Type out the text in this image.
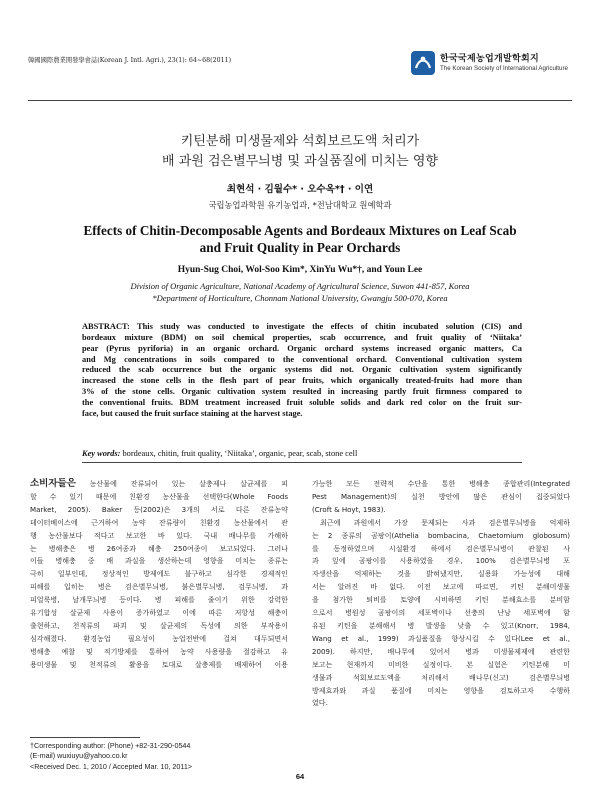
韓國國際農業開發學會誌(Korean J. Intl. Agri.), 23(1): 64~68(2011)	한국국제농업개발학회지
The Korean Society of International Agriculture
키틴분해 미생물제와 석회보르도액 처리가
배 과원 검은별무늬병 및 과실품질에 미치는 영향
최현석 · 김월수* · 오수옥*† · 이연
국립농업과학원 유기농업과, *전남대학교 원예학과
Effects of Chitin-Decomposable Agents and Bordeaux Mixtures on Leaf Scab
and Fruit Quality in Pear Orchards
Hyun-Sug Choi, Wol-Soo Kim*, XinYu Wu*†, and Youn Lee
Division of Organic Agriculture, National Academy of Agricultural Science, Suwon 441-857, Korea
*Department of Horticulture, Chonnam National University, Gwangju 500-070, Korea
ABSTRACT: This study was conducted to investigate the effects of chitin incubated solution (CIS) and
bordeaux mixture (BDM) on soil chemical properties, scab occurrence, and fruit quality of ‘Niitaka’
pear (Pyrus pyriforia) in an organic orchard. Organic orchard systems increased organic matters, Ca
and Mg concentrations in soils compared to the conventional orchard. Conventional cultivation system
reduced the scab occurrence but the organic systems did not. Organic cultivation system significantly
increased the stone cells in the flesh part of pear fruits, which organically treated-fruits had more than
3% of the stone cells. Organic cultivation system resulted in increasing partly fruit firmness compared to
the conventional fruits. BDM treatment increased fruit soluble solids and dark red color on the fruit sur-
face, but caused the fruit surface staining at the harvest stage.
Key words: bordeaux, chitin, fruit quality, ‘Niitaka’, organic, pear, scab, stone cell
소비자들은 농산물에 잔류되어 있는 살충제나 살균제를 피
할 수 있기 때문에 친환경 농산물을 선택한다(Whole Foods
Market, 2005). Baker 등(2002)은 3개의 서로 다른 잔류농약
데이터베이스에 근거하여 농약 잔류량이 친환경 농산물에서 관
행 농산물보다 적다고 보고한 바 있다. 국내 배나무를 가해하
는 병해충은 병 26여종과 해충 250여종이 보고되었다. 그러나
이들 병해충 중 배 과실을 생산하는데 영향을 미치는 종류는
극히 일부인데, 정상적인 방제에도 불구하고 심각한 경제적인
피해를 입히는 병은 검은별무늬병, 붉은별무늬병, 검무늬병, 과
피얼룩병, 날개무늬병 등이다. 병 피해를 줄이기 위한 강력한
유기합성 살균제 사용이 증가하였고 이에 따른 저항성 해충이
출현하고, 천적류의 파괴 및 살균제의 독성에 의한 부작용이
심각해졌다. 환경농업 필요성이 농업전반에 걸쳐 대두되면서
병해충 예찰 및 적기방제를 통하여 농약 사용량을 절감하고 유
용미생물 및 천적류의 활용을 토대로 살충제를 배제하여 이용
가능한 모든 전략적 수단을 통한 병해충 종합관리(Integrated
Pest Management)의 실천 방안에 많은 관심이 집중되었다
(Croft & Hoyt, 1983).
최근에 과원에서 가장 문제되는 사과 검은별무늬병을 억제하
는 2 종류의 곰팡이(Athelia bombacina, Chaetomium globosum)
를 동정하였으며 시설환경 하에서 검은별무늬병이 관찰된 사
과 잎에 곰팡이를 시용하였을 경우, 100% 검은별무늬병 포
자생산을 억제하는 것을 밝혀냈지만, 실용화 가능성에 대해
서는 알려진 바 없다. 이전 보고에 따르면, 키틴 분해미생물
을 첨가한 퇴비를 토양에 시비하면 키틴 분해효소를 분비함
으로서 병원성 곰팡이의 세포벽이나 선충의 난낭 세포벽에 함
유된 키틴을 분해해서 병 발생을 낮출 수 있고(Knorr, 1984,
Wang et al., 1999) 과실품질을 향상시킬 수 있다(Lee et al.,
2009). 하지만, 배나무에 있어서 병과 미생물제제에 관련한
보고는 현재까지 미비한 실정이다. 본 실험은 키틴분해 미
생물과 석회보르도액을 처리해서 배나무(신고) 검은별무늬병
방제효과와 과실 품질에 미치는 영향을 검토하고자 수행하
였다.
†Corresponding author: (Phone) +82-31-290-0544
(E-mail) wuxiuyu@yahoo.co.kr
<Received Dec. 1, 2010 / Accepted Mar. 10, 2011>
64
